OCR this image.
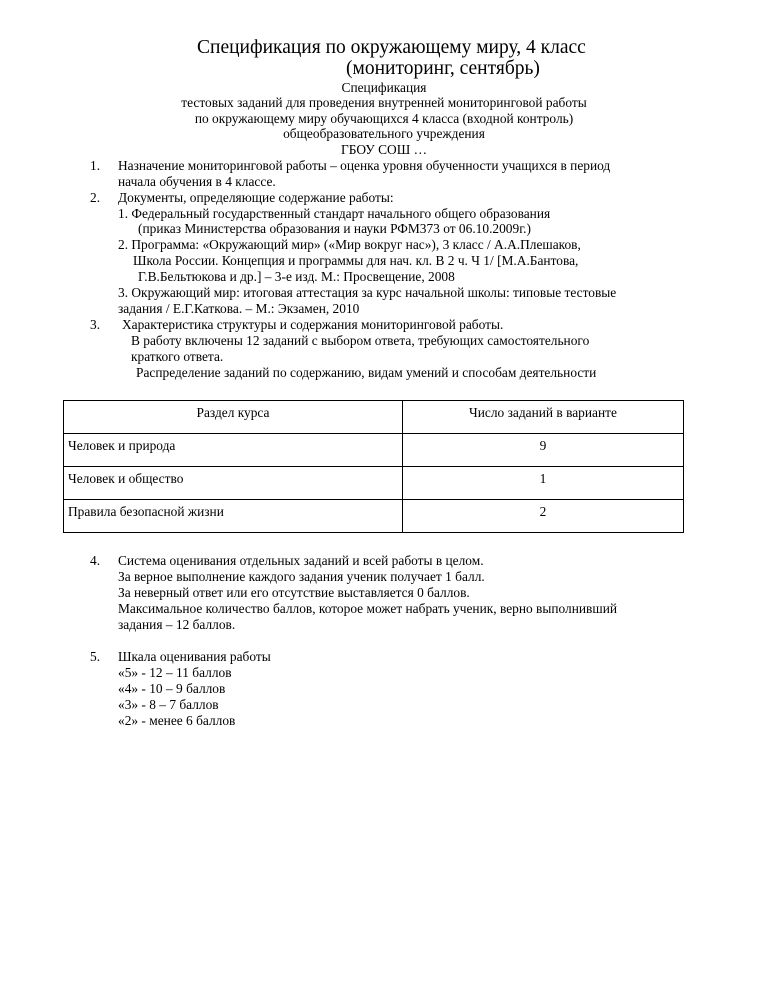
Спецификация по окружающему миру, 4 класс
(мониторинг, сентябрь)
Спецификация
тестовых заданий для проведения внутренней мониторинговой работы
по окружающему миру обучающихся 4 класса (входной контроль)
общеобразовательного учреждения
ГБОУ СОШ …
1. Назначение мониторинговой работы – оценка уровня обученности учащихся в период
начала обучения в 4 классе.
2. Документы, определяющие содержание работы:
1. Федеральный государственный стандарт начального общего образования
(приказ Министерства образования и науки РФМ373 от 06.10.2009г.)
2. Программа: «Окружающий мир» («Мир вокруг нас»), 3 класс / А.А.Плешаков,
Школа России. Концепция и программы для нач. кл. В 2 ч. Ч 1/ [М.А.Бантова,
Г.В.Бельтюкова и др.] – 3-е изд. М.: Просвещение, 2008
3. Окружающий мир: итоговая аттестация за курс начальной школы: типовые тестовые
задания / Е.Г.Каткова. – М.: Экзамен, 2010
3. Характеристика структуры и содержания мониторинговой работы.
В работу включены 12 заданий с выбором ответа, требующих самостоятельного
краткого ответа.
Распределение заданий по содержанию, видам умений и способам деятельности
Раздел курса	Число заданий в варианте
Человек и природа	9
Человек и общество	1
Правила безопасной жизни	2
4. Система оценивания отдельных заданий и всей работы в целом.
За верное выполнение каждого задания ученик получает 1 балл.
За неверный ответ или его отсутствие выставляется 0 баллов.
Максимальное количество баллов, которое может набрать ученик, верно выполнивший
задания – 12 баллов.
5. Шкала оценивания работы
«5» - 12 – 11 баллов
«4» - 10 – 9 баллов
«3» - 8 – 7 баллов
«2» - менее 6 баллов
